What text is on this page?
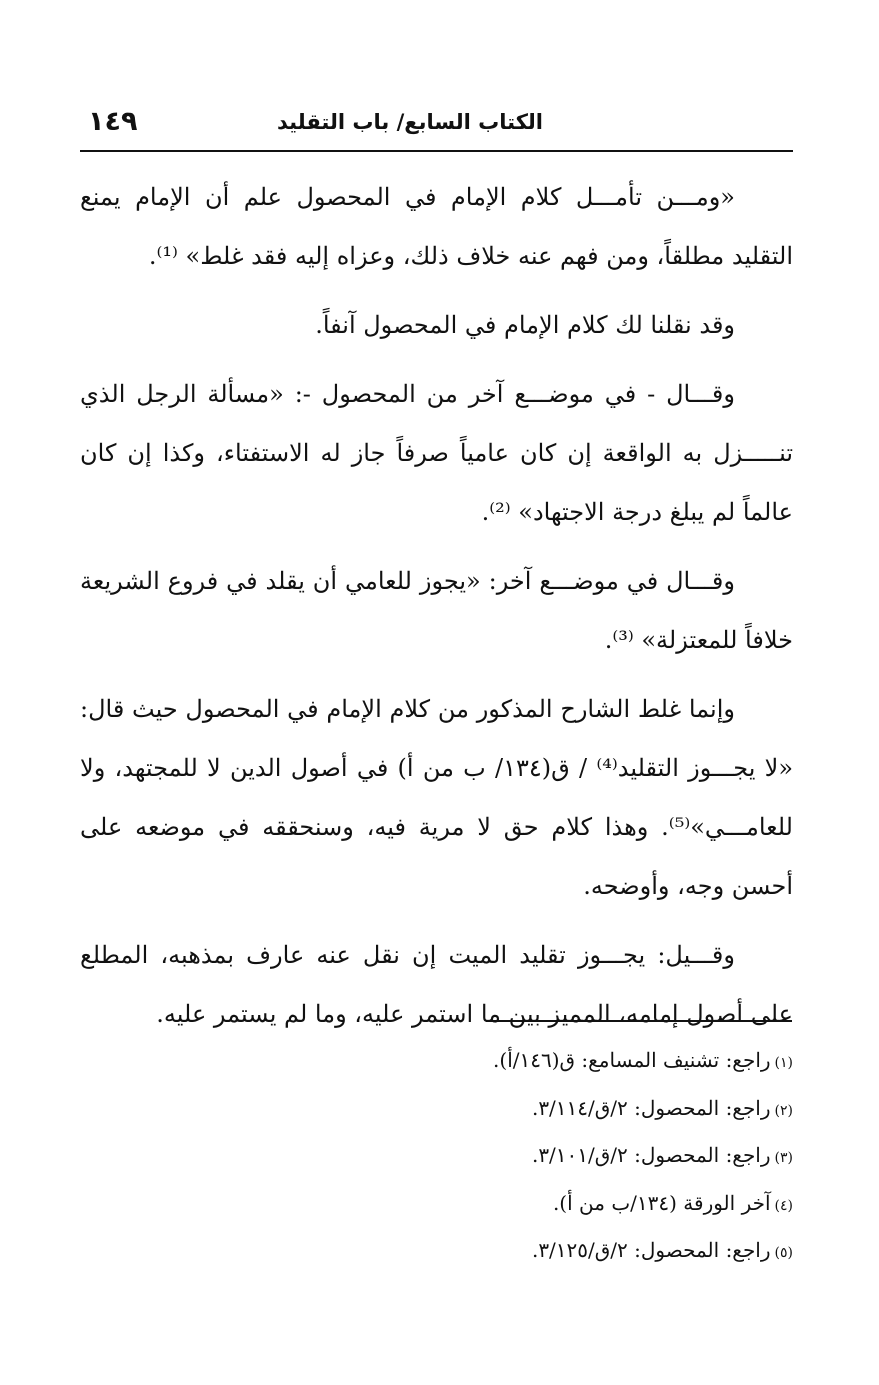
١٤٩	الكتاب السابع/ باب التقليد

«ومـــن تأمـــل كلام الإمام في المحصول علم أن الإمام يمنع التقليد مطلقاً، ومن فهم عنه خلاف ذلك، وعزاه إليه فقد غلط» ⁽¹⁾.

وقد نقلنا لك كلام الإمام في المحصول آنفاً.

وقـــال - في موضـــع آخر من المحصول -: «مسألة الرجل الذي تنـــــزل به الواقعة إن كان عامياً صرفاً جاز له الاستفتاء، وكذا إن كان عالماً لم يبلغ درجة الاجتهاد» ⁽²⁾.

وقـــال في موضـــع آخر: «يجوز للعامي أن يقلد في فروع الشريعة خلافاً للمعتزلة» ⁽³⁾.

وإنما غلط الشارح المذكور من كلام الإمام في المحصول حيث قال: «لا يجـــوز التقليد⁽⁴⁾ / ق(١٣٤/ ب من أ) في أصول الدين لا للمجتهد، ولا للعامـــي»⁽⁵⁾. وهذا كلام حق لا مرية فيه، وسنحققه في موضعه على أحسن وجه، وأوضحه.

وقـــيل: يجـــوز تقليد الميت إن نقل عنه عارف بمذهبه، المطلع على أصول إمامه، المميز بين ما استمر عليه، وما لم يستمر عليه.

(١)راجع: تشنيف المسامع: ق(١٤٦/أ).

(٢)راجع: المحصول: ٢/ق/٣/١١٤.

(٣)راجع: المحصول: ٢/ق/٣/١٠١.

(٤)آخر الورقة (١٣٤/ب من أ).

(٥)راجع: المحصول: ٢/ق/٣/١٢٥.
